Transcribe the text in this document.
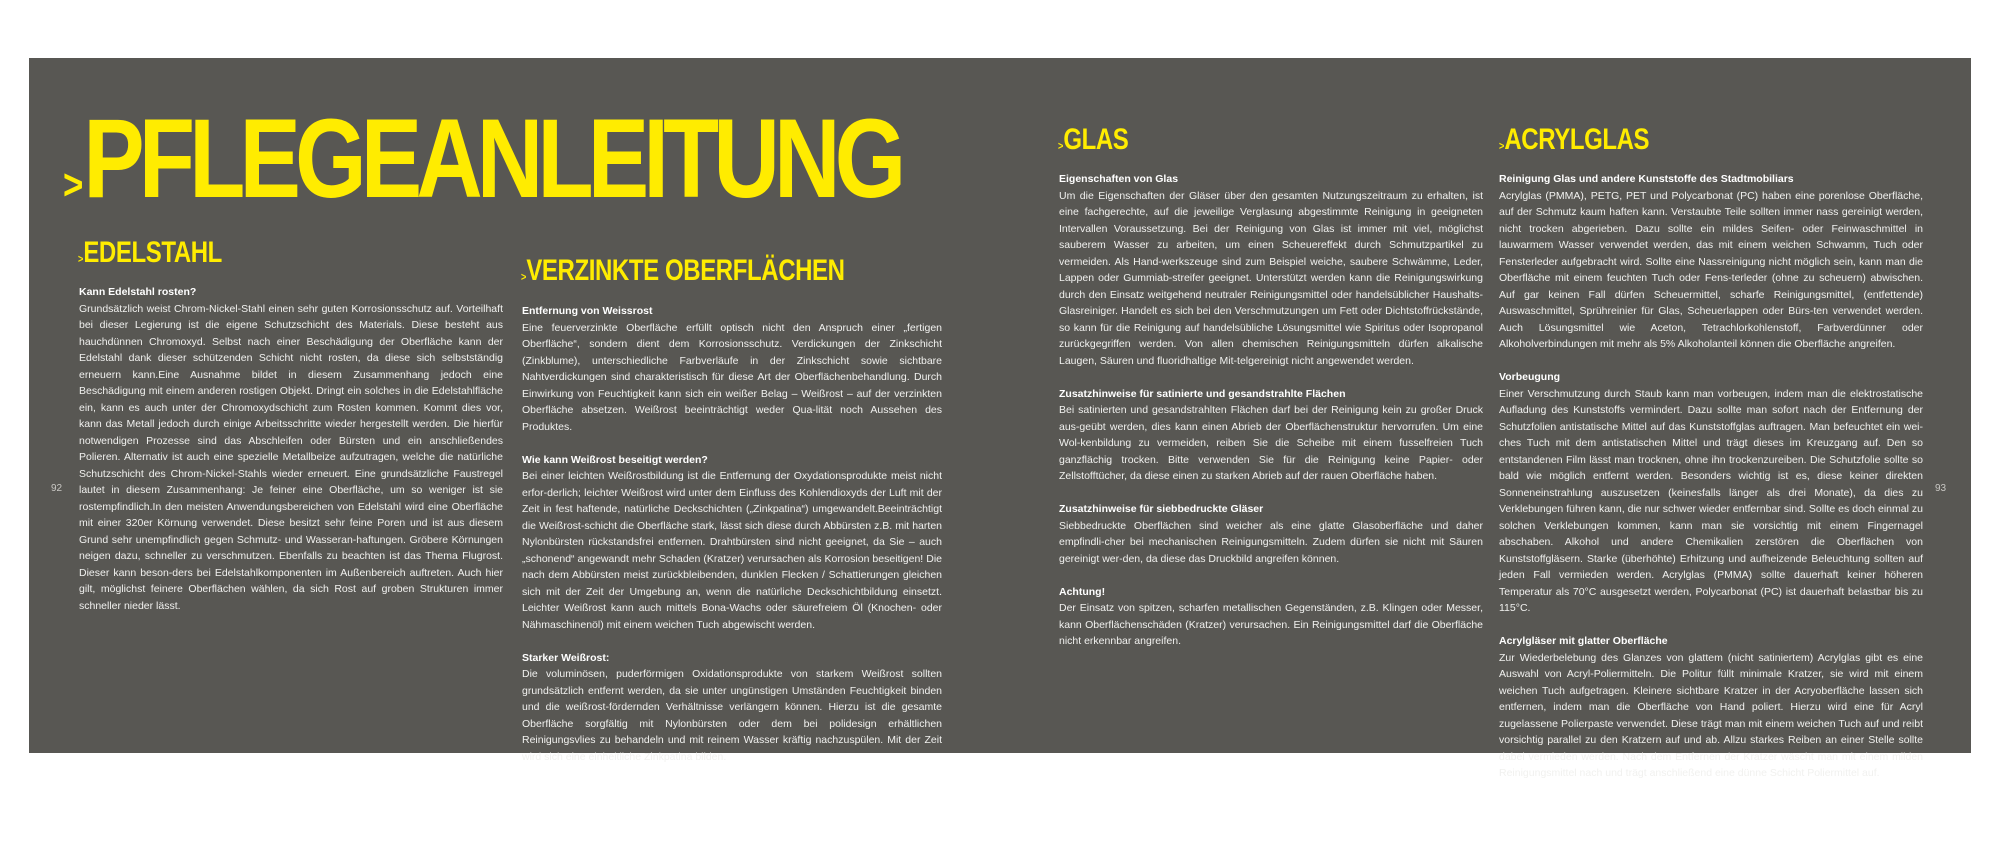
>PFLEGEANLEITUNG
>EDELSTAHL
Kann Edelstahl rosten?

Grundsätzlich weist Chrom-Nickel-Stahl einen sehr guten Korrosionsschutz auf. Vorteilhaft bei dieser Legierung ist die eigene Schutzschicht des Materials. Diese besteht aus hauchdünnen Chromoxyd. Selbst nach einer Beschädigung der Oberfläche kann der Edelstahl dank dieser schützenden Schicht nicht rosten, da diese sich selbstständig erneuern kann.Eine Ausnahme bildet in diesem Zusammenhang jedoch eine Beschädigung mit einem anderen rostigen Objekt. Dringt ein solches in die Edelstahlfläche ein, kann es auch unter der Chromoxydschicht zum Rosten kommen. Kommt dies vor, kann das Metall jedoch durch einige Arbeitsschritte wieder hergestellt werden. Die hierfür notwendigen Prozesse sind das Abschleifen oder Bürsten und ein anschließendes Polieren. Alternativ ist auch eine spezielle Metallbeize aufzutragen, welche die natürliche Schutzschicht des Chrom-Nickel-Stahls wieder erneuert. Eine grundsätzliche Faustregel lautet in diesem Zusammenhang: Je feiner eine Oberfläche, um so weniger ist sie rostempfindlich.In den meisten Anwendungsbereichen von Edelstahl wird eine Oberfläche mit einer 320er Körnung verwendet. Diese besitzt sehr feine Poren und ist aus diesem Grund sehr unempfindlich gegen Schmutz- und Wasseran-haftungen. Gröbere Körnungen neigen dazu, schneller zu verschmutzen. Ebenfalls zu beachten ist das Thema Flugrost. Dieser kann beson-ders bei Edelstahlkomponenten im Außenbereich auftreten. Auch hier gilt, möglichst feinere Oberflächen wählen, da sich Rost auf groben Strukturen immer schneller nieder lässt.

>VERZINKTE OBERFLÄCHEN
Entfernung von Weissrost

Eine feuerverzinkte Oberfläche erfüllt optisch nicht den Anspruch einer „fertigen Oberfläche“, sondern dient dem Korrosionsschutz. Verdickungen der Zinkschicht (Zinkblume), unterschiedliche Farbverläufe in der Zinkschicht sowie sichtbare Nahtverdickungen sind charakteristisch für diese Art der Oberflächenbehandlung. Durch Einwirkung von Feuchtigkeit kann sich ein weißer Belag – Weißrost – auf der verzinkten Oberfläche absetzen. Weißrost beeinträchtigt weder Qua-lität noch Aussehen des Produktes.

Wie kann Weißrost beseitigt werden?

Bei einer leichten Weißrostbildung ist die Entfernung der Oxydationsprodukte meist nicht erfor-derlich; leichter Weißrost wird unter dem Einfluss des Kohlendioxyds der Luft mit der Zeit in fest haftende, natürliche Deckschichten („Zinkpatina“) umgewandelt.Beeinträchtigt die Weißrost-schicht die Oberfläche stark, lässt sich diese durch Abbürsten z.B. mit harten Nylonbürsten rückstandsfrei entfernen. Drahtbürsten sind nicht geeignet, da Sie – auch „schonend“ angewandt mehr Schaden (Kratzer) verursachen als Korrosion beseitigen! Die nach dem Abbürsten meist zurückbleibenden, dunklen Flecken / Schattierungen gleichen sich mit der Zeit der Umgebung an, wenn die natürliche Deckschichtbildung einsetzt. Leichter Weißrost kann auch mittels Bona-Wachs oder säurefreiem Öl (Knochen- oder Nähmaschinenöl) mit einem weichen Tuch abgewischt werden.

Starker Weißrost:

Die voluminösen, puderförmigen Oxidationsprodukte von starkem Weißrost sollten grundsätzlich entfernt werden, da sie unter ungünstigen Umständen Feuchtigkeit binden und die weißrost-fördernden Verhältnisse verlängern können. Hierzu ist die gesamte Oberfläche sorgfältig mit Nylonbürsten oder dem bei polidesign erhältlichen Reinigungsvlies zu behandeln und mit reinem Wasser kräftig nachzuspülen. Mit der Zeit wird sich eine einheitliche Zinkpatina bilden.

>GLAS
Eigenschaften von Glas

Um die Eigenschaften der Gläser über den gesamten Nutzungszeitraum zu erhalten, ist eine fachgerechte, auf die jeweilige Verglasung abgestimmte Reinigung in geeigneten Intervallen Voraussetzung. Bei der Reinigung von Glas ist immer mit viel, möglichst sauberem Wasser zu arbeiten, um einen Scheuereffekt durch Schmutzpartikel zu vermeiden. Als Hand-werkszeuge sind zum Beispiel weiche, saubere Schwämme, Leder, Lappen oder Gummiab-streifer geeignet. Unterstützt werden kann die Reinigungswirkung durch den Einsatz weitgehend neutraler Reinigungsmittel oder handelsüblicher Haushalts-Glasreiniger. Handelt es sich bei den Verschmutzungen um Fett oder Dichtstoffrückstände, so kann für die Reinigung auf handelsübliche Lösungsmittel wie Spiritus oder Isopropanol zurückgegriffen werden. Von allen chemischen Reinigungsmitteln dürfen alkalische Laugen, Säuren und fluoridhaltige Mit-telgereinigt nicht angewendet werden.

Zusatzhinweise für satinierte und gesandstrahlte Flächen

Bei satinierten und gesandstrahlten Flächen darf bei der Reinigung kein zu großer Druck aus-geübt werden, dies kann einen Abrieb der Oberflächenstruktur hervorrufen. Um eine Wol-kenbildung zu vermeiden, reiben Sie die Scheibe mit einem fusselfreien Tuch ganzflächig trocken. Bitte verwenden Sie für die Reinigung keine Papier- oder Zellstofftücher, da diese einen zu starken Abrieb auf der rauen Oberfläche haben.

Zusatzhinweise für siebbedruckte Gläser

Siebbedruckte Oberflächen sind weicher als eine glatte Glasoberfläche und daher empfindli-cher bei mechanischen Reinigungsmitteln. Zudem dürfen sie nicht mit Säuren gereinigt wer-den, da diese das Druckbild angreifen können.

Achtung!

Der Einsatz von spitzen, scharfen metallischen Gegenständen, z.B. Klingen oder Messer, kann Oberflächenschäden (Kratzer) verursachen. Ein Reinigungsmittel darf die Oberfläche nicht erkennbar angreifen.

>ACRYLGLAS
Reinigung Glas und andere Kunststoffe des Stadtmobiliars

Acrylglas (PMMA), PETG, PET und Polycarbonat (PC) haben eine porenlose Oberfläche, auf der Schmutz kaum haften kann. Verstaubte Teile sollten immer nass gereinigt werden, nicht trocken abgerieben. Dazu sollte ein mildes Seifen- oder Feinwaschmittel in lauwarmem Wasser verwendet werden, das mit einem weichen Schwamm, Tuch oder Fensterleder aufgebracht wird. Sollte eine Nassreinigung nicht möglich sein, kann man die Oberfläche mit einem feuchten Tuch oder Fens-terleder (ohne zu scheuern) abwischen. Auf gar keinen Fall dürfen Scheuermittel, scharfe Reinigungsmittel, (entfettende) Auswaschmittel, Sprühreinier für Glas, Scheuerlappen oder Bürs-ten verwendet werden. Auch Lösungsmittel wie Aceton, Tetrachlorkohlenstoff, Farbverdünner oder Alkoholverbindungen mit mehr als 5% Alkoholanteil können die Oberfläche angreifen.

Vorbeugung

Einer Verschmutzung durch Staub kann man vorbeugen, indem man die elektrostatische Aufladung des Kunststoffs vermindert. Dazu sollte man sofort nach der Entfernung der Schutzfolien antistatische Mittel auf das Kunststoffglas auftragen. Man befeuchtet ein wei-ches Tuch mit dem antistatischen Mittel und trägt dieses im Kreuzgang auf. Den so entstandenen Film lässt man trocknen, ohne ihn trockenzureiben. Die Schutzfolie sollte so bald wie möglich entfernt werden. Besonders wichtig ist es, diese keiner direkten Sonneneinstrahlung auszusetzen (keinesfalls länger als drei Monate), da dies zu Verklebungen führen kann, die nur schwer wieder entfernbar sind. Sollte es doch einmal zu solchen Verklebungen kommen, kann man sie vorsichtig mit einem Fingernagel abschaben. Alkohol und andere Chemikalien zerstören die Oberflächen von Kunststoffgläsern. Starke (überhöhte) Erhitzung und aufheizende Beleuchtung sollten auf jeden Fall vermieden werden. Acrylglas (PMMA) sollte dauerhaft keiner höheren Temperatur als 70°C ausgesetzt werden, Polycarbonat (PC) ist dauerhaft belastbar bis zu 115°C.

Acrylgläser mit glatter Oberfläche

Zur Wiederbelebung des Glanzes von glattem (nicht satiniertem) Acrylglas gibt es eine Auswahl von Acryl-Poliermitteln. Die Politur füllt minimale Kratzer, sie wird mit einem weichen Tuch aufgetragen. Kleinere sichtbare Kratzer in der Acryoberfläche lassen sich entfernen, indem man die Oberfläche von Hand poliert. Hierzu wird eine für Acryl zugelassene Polierpaste verwendet. Diese trägt man mit einem weichen Tuch auf und reibt vorsichtig parallel zu den Kratzern auf und ab. Allzu starkes Reiben an einer Stelle sollte dabei vermieden werden. Nach dem Entfernen der Kratzer wäscht man mit einem milden Reinigungsmittel nach und trägt anschließend eine dünne Schicht Poliermittel auf.

92	93
